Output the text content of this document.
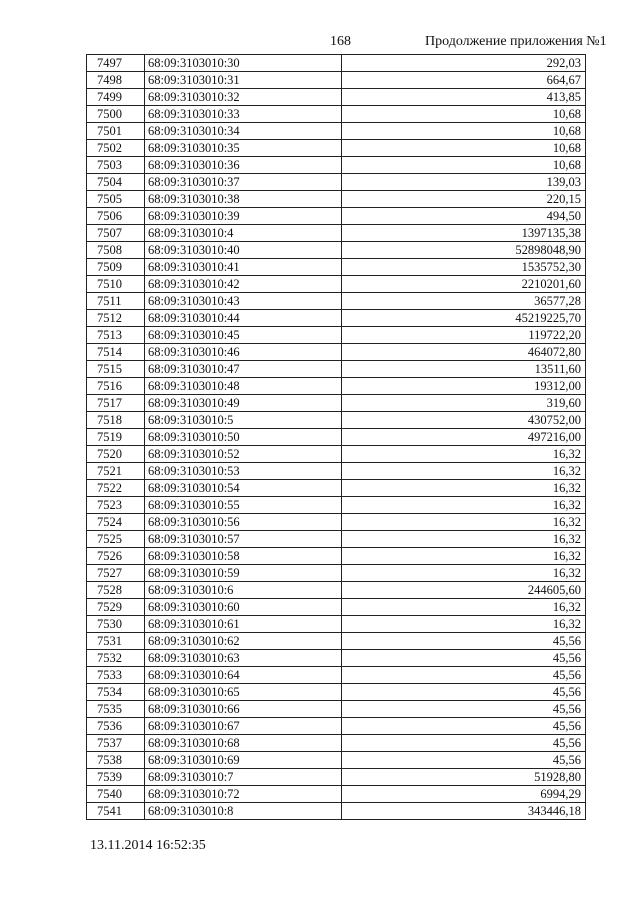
168	Продолжение приложения №1
7497	68:09:3103010:30	292,03
7498	68:09:3103010:31	664,67
7499	68:09:3103010:32	413,85
7500	68:09:3103010:33	10,68
7501	68:09:3103010:34	10,68
7502	68:09:3103010:35	10,68
7503	68:09:3103010:36	10,68
7504	68:09:3103010:37	139,03
7505	68:09:3103010:38	220,15
7506	68:09:3103010:39	494,50
7507	68:09:3103010:4	1397135,38
7508	68:09:3103010:40	52898048,90
7509	68:09:3103010:41	1535752,30
7510	68:09:3103010:42	2210201,60
7511	68:09:3103010:43	36577,28
7512	68:09:3103010:44	45219225,70
7513	68:09:3103010:45	119722,20
7514	68:09:3103010:46	464072,80
7515	68:09:3103010:47	13511,60
7516	68:09:3103010:48	19312,00
7517	68:09:3103010:49	319,60
7518	68:09:3103010:5	430752,00
7519	68:09:3103010:50	497216,00
7520	68:09:3103010:52	16,32
7521	68:09:3103010:53	16,32
7522	68:09:3103010:54	16,32
7523	68:09:3103010:55	16,32
7524	68:09:3103010:56	16,32
7525	68:09:3103010:57	16,32
7526	68:09:3103010:58	16,32
7527	68:09:3103010:59	16,32
7528	68:09:3103010:6	244605,60
7529	68:09:3103010:60	16,32
7530	68:09:3103010:61	16,32
7531	68:09:3103010:62	45,56
7532	68:09:3103010:63	45,56
7533	68:09:3103010:64	45,56
7534	68:09:3103010:65	45,56
7535	68:09:3103010:66	45,56
7536	68:09:3103010:67	45,56
7537	68:09:3103010:68	45,56
7538	68:09:3103010:69	45,56
7539	68:09:3103010:7	51928,80
7540	68:09:3103010:72	6994,29
7541	68:09:3103010:8	343446,18
13.11.2014 16:52:35
